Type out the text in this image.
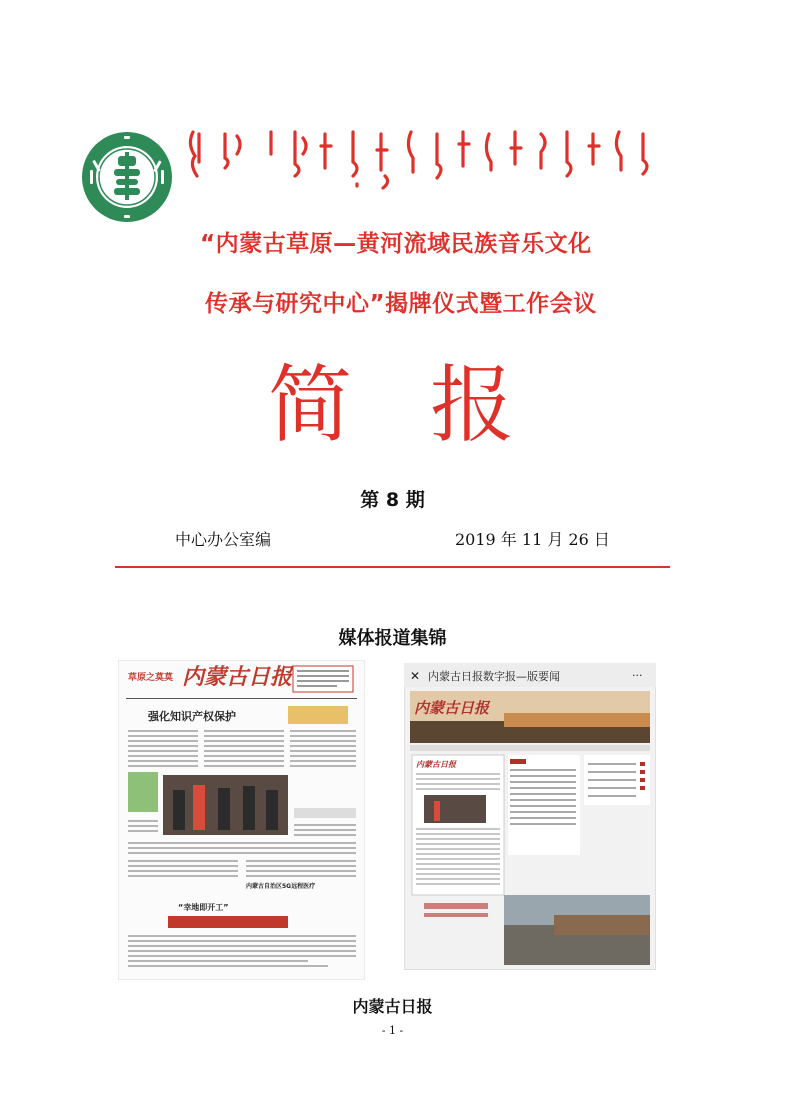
“内蒙古草原—黄河流域民族音乐文化
传承与研究中心”揭牌仪式暨工作会议
简 报
第 8 期
中心办公室编	2019 年 11 月 26 日
媒体报道集锦
草原之莫莫 内蒙古日报
强化知识产权保护
内蒙古自治区5G远程医疗
“幸地即开工”
✕ 内蒙古日报数字报—版要闻	···
内蒙古日报
内蒙古日报
内蒙古日报
- 1 -
